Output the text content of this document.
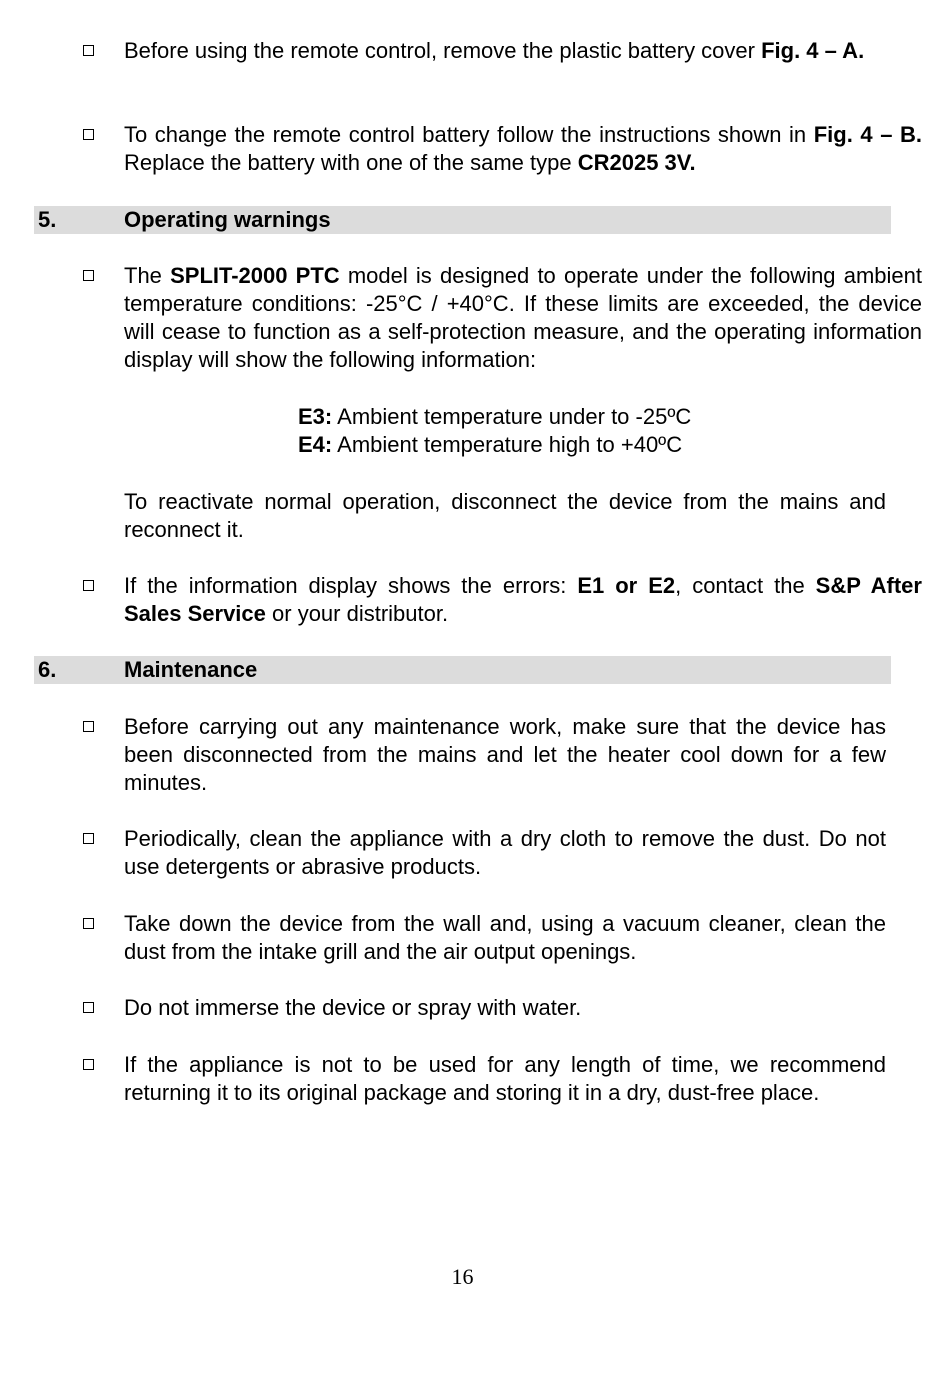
Before using the remote control, remove the plastic battery cover Fig. 4 – A.
To change the remote control battery follow the instructions shown in Fig. 4 – B. Replace the battery with one of the same type CR2025 3V.
5.	Operating warnings
The SPLIT-2000 PTC model is designed to operate under the following ambient temperature conditions: -25°C / +40°C. If these limits are exceeded, the device will cease to function as a self-protection measure, and the operating information display will show the following information:
E3: Ambient temperature under to -25ºC
E4: Ambient temperature high to +40ºC
To reactivate normal operation, disconnect the device from the mains and reconnect it.
If the information display shows the errors: E1 or E2, contact the S&P After Sales Service or your distributor.
6.	Maintenance
Before carrying out any maintenance work, make sure that the device has been disconnected from the mains and let the heater cool down for a few minutes.
Periodically, clean the appliance with a dry cloth to remove the dust. Do not use detergents or abrasive products.
Take down the device from the wall and, using a vacuum cleaner, clean the dust from the intake grill and the air output openings.
Do not immerse the device or spray with water.
If the appliance is not to be used for any length of time, we recommend returning it to its original package and storing it in a dry, dust-free place.
16
